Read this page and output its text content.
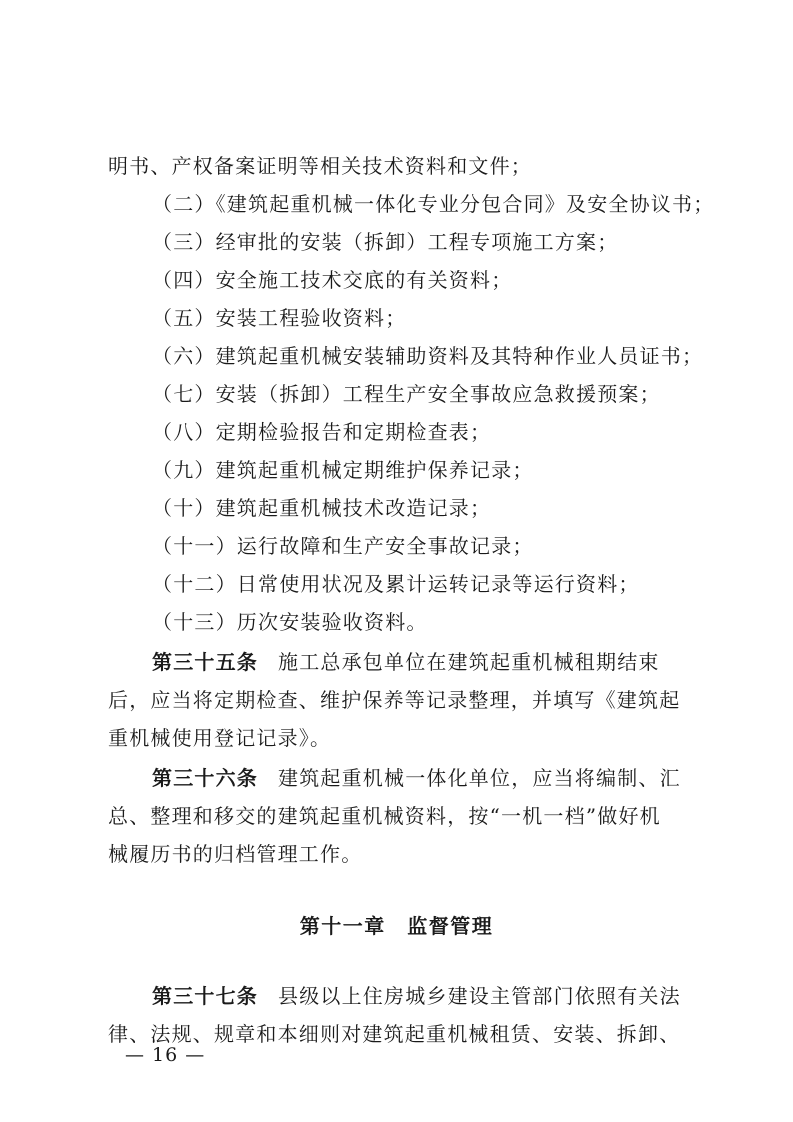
明书、产权备案证明等相关技术资料和文件；
（二）《建筑起重机械一体化专业分包合同》及安全协议书；
（三）经审批的安装（拆卸）工程专项施工方案；
（四）安全施工技术交底的有关资料；
（五）安装工程验收资料；
（六）建筑起重机械安装辅助资料及其特种作业人员证书；
（七）安装（拆卸）工程生产安全事故应急救援预案；
（八）定期检验报告和定期检查表；
（九）建筑起重机械定期维护保养记录；
（十）建筑起重机械技术改造记录；
（十一）运行故障和生产安全事故记录；
（十二）日常使用状况及累计运转记录等运行资料；
（十三）历次安装验收资料。
第三十五条 施工总承包单位在建筑起重机械租期结束
后，应当将定期检查、维护保养等记录整理，并填写《建筑起
重机械使用登记记录》。
第三十六条 建筑起重机械一体化单位，应当将编制、汇
总、整理和移交的建筑起重机械资料，按“一机一档”做好机
械履历书的归档管理工作。
第十一章　监督管理
第三十七条 县级以上住房城乡建设主管部门依照有关法
律、法规、规章和本细则对建筑起重机械租赁、安装、拆卸、
— 16 —
